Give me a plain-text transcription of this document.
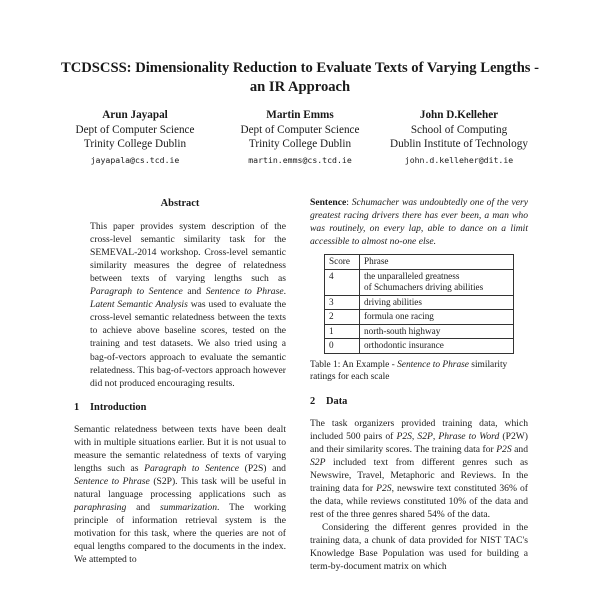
TCDSCSS: Dimensionality Reduction to Evaluate Texts of Varying Lengths - an IR Approach
Arun Jayapal
Dept of Computer Science
Trinity College Dublin
jayapala@cs.tcd.ie
Martin Emms
Dept of Computer Science
Trinity College Dublin
martin.emms@cs.tcd.ie
John D.Kelleher
School of Computing
Dublin Institute of Technology
john.d.kelleher@dit.ie
Abstract

This paper provides system description of the cross-level semantic similarity task for the SEMEVAL-2014 workshop. Cross-level semantic similarity measures the degree of relatedness between texts of varying lengths such as Paragraph to Sentence and Sentence to Phrase. Latent Semantic Analysis was used to evaluate the cross-level semantic relatedness between the texts to achieve above baseline scores, tested on the training and test datasets. We also tried using a bag-of-vectors approach to evaluate the semantic relatedness. This bag-of-vectors approach however did not produced encouraging results.

1 Introduction

Semantic relatedness between texts have been dealt with in multiple situations earlier. But it is not usual to measure the semantic relatedness of texts of varying lengths such as Paragraph to Sentence (P2S) and Sentence to Phrase (S2P). This task will be useful in natural language processing applications such as paraphrasing and summarization. The working principle of information retrieval system is the motivation for this task, where the queries are not of equal lengths compared to the documents in the index. We attempted to

Sentence: Schumacher was undoubtedly one of the very greatest racing drivers there has ever been, a man who was routinely, on every lap, able to dance on a limit accessible to almost no-one else.

Score	Phrase
4	the unparalleled greatness
of Schumachers driving abilities

3	driving abilities
2	formula one racing
1	north-south highway
0	orthodontic insurance
Table 1: An Example - Sentence to Phrase similarity ratings for each scale
2 Data

The task organizers provided training data, which included 500 pairs of P2S, S2P, Phrase to Word (P2W) and their similarity scores. The training data for P2S and S2P included text from different genres such as Newswire, Travel, Metaphoric and Reviews. In the training data for P2S, newswire text constituted 36% of the data, while reviews constituted 10% of the data and rest of the three genres shared 54% of the data.

Considering the different genres provided in the training data, a chunk of data provided for NIST TAC's Knowledge Base Population was used for building a term-by-document matrix on which
